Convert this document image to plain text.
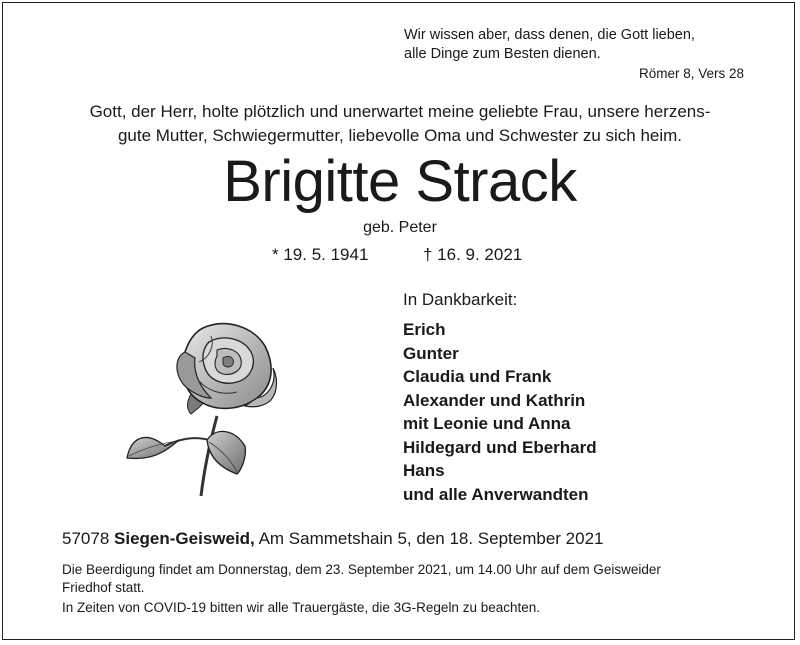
Wir wissen aber, dass denen, die Gott lieben,
alle Dinge zum Besten dienen.
Römer 8, Vers 28
Gott, der Herr, holte plötzlich und unerwartet meine geliebte Frau, unsere herzens-
gute Mutter, Schwiegermutter, liebevolle Oma und Schwester zu sich heim.
Brigitte Strack
geb. Peter
* 19. 5. 1941	† 16. 9. 2021
In Dankbarkeit:
Erich
Gunter
Claudia und Frank
Alexander und Kathrin
mit Leonie und Anna
Hildegard und Eberhard
Hans
und alle Anverwandten
57078 Siegen-Geisweid, Am Sammetshain 5, den 18. September 2021
Die Beerdigung findet am Donnerstag, dem 23. September 2021, um 14.00 Uhr auf dem Geisweider
Friedhof statt.
In Zeiten von COVID-19 bitten wir alle Trauergäste, die 3G-Regeln zu beachten.
